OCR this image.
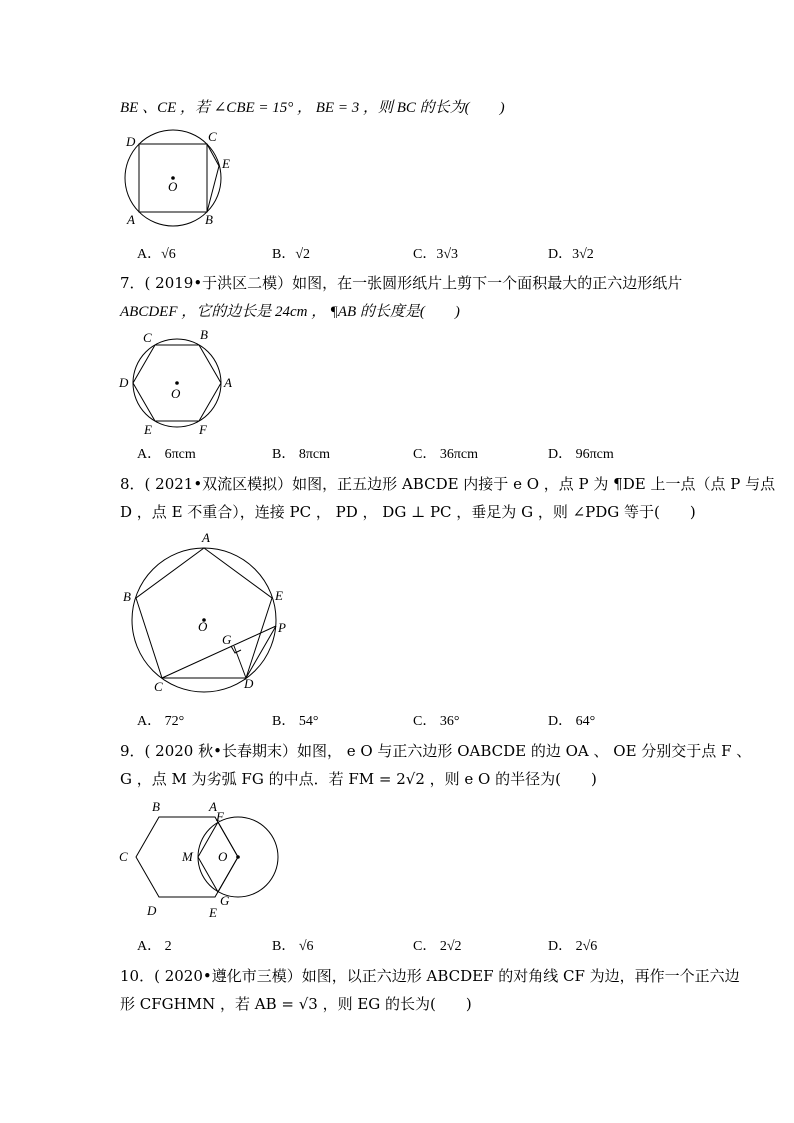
BE 、CE ，若 ∠CBE = 15° ， BE = 3 ，则 BC 的长为(　　)
D	C
E
O
A	B
A．√6	B．√2	C．3√3	D．3√2
7．( 2019•于洪区二模）如图，在一张圆形纸片上剪下一个面积最大的正六边形纸片
ABCDEF ，它的边长是 24cm ， ¶AB 的长度是(　　)
C	B
D	A
O
E	F
A． 6πcm	B． 8πcm	C． 36πcm	D． 96πcm
8．( 2021•双流区模拟）如图，正五边形 ABCDE 内接于 e O ，点 P 为 ¶DE 上一点（点 P 与点
D ，点 E 不重合），连接 PC ， PD ， DG ⊥ PC ，垂足为 G ，则 ∠PDG 等于(　　)
A
B	E
O
G
P
C	D
A． 72°	B． 54°	C． 36°	D． 64°
9．( 2020 秋•长春期末）如图， e O 与正六边形 OABCDE 的边 OA 、 OE 分别交于点 F 、
G ，点 M 为劣弧 FG 的中点．若 FM = 2√2 ，则 e O 的半径为(　　)
B	A
F
C	M O
D
G
E
A． 2	B． √6	C． 2√2	D． 2√6
10．( 2020•遵化市三模）如图，以正六边形 ABCDEF 的对角线 CF 为边，再作一个正六边
形 CFGHMN ，若 AB = √3 ，则 EG 的长为(　　)
